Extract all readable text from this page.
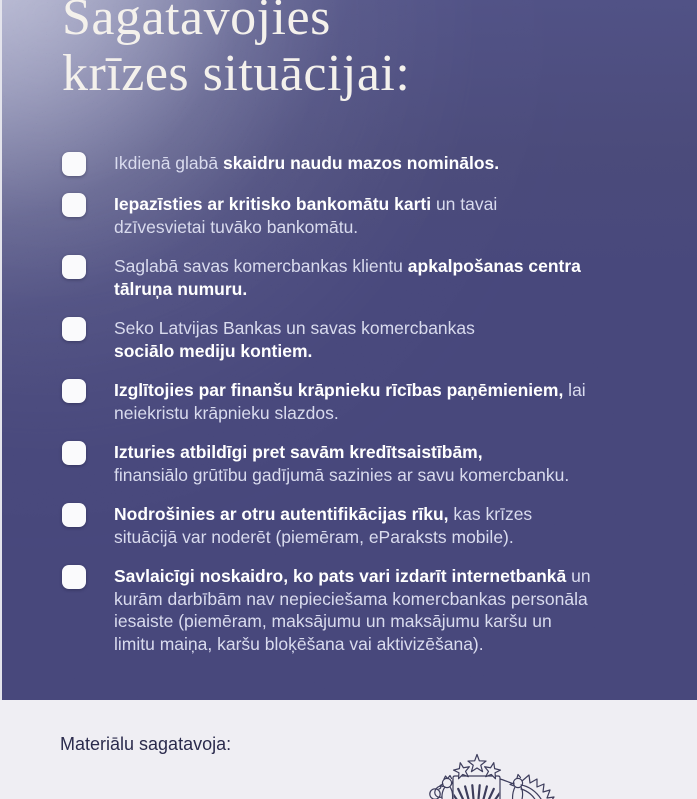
Sagatavojies
krīzes situācijai:
Ikdienā glabā skaidru naudu mazos nominālos.
Iepazīsties ar kritisko bankomātu karti un tavai
dzīvesvietai tuvāko bankomātu.
Saglabā savas komercbankas klientu apkalpošanas centra
tālruņa numuru.
Seko Latvijas Bankas un savas komercbankas
sociālo mediju kontiem.
Izglītojies par finanšu krāpnieku rīcības paņēmieniem, lai
neiekristu krāpnieku slazdos.
Izturies atbildīgi pret savām kredītsaistībām,
finansiālo grūtību gadījumā sazinies ar savu komercbanku.
Nodrošinies ar otru autentifikācijas rīku, kas krīzes
situācijā var noderēt (piemēram, eParaksts mobile).
Savlaicīgi noskaidro, ko pats vari izdarīt internetbankā un
kurām darbībām nav nepieciešama komercbankas personāla
iesaiste (piemēram, maksājumu un maksājumu karšu un
limitu maiņa, karšu bloķēšana vai aktivizēšana).
Materiālu sagatavoja:
